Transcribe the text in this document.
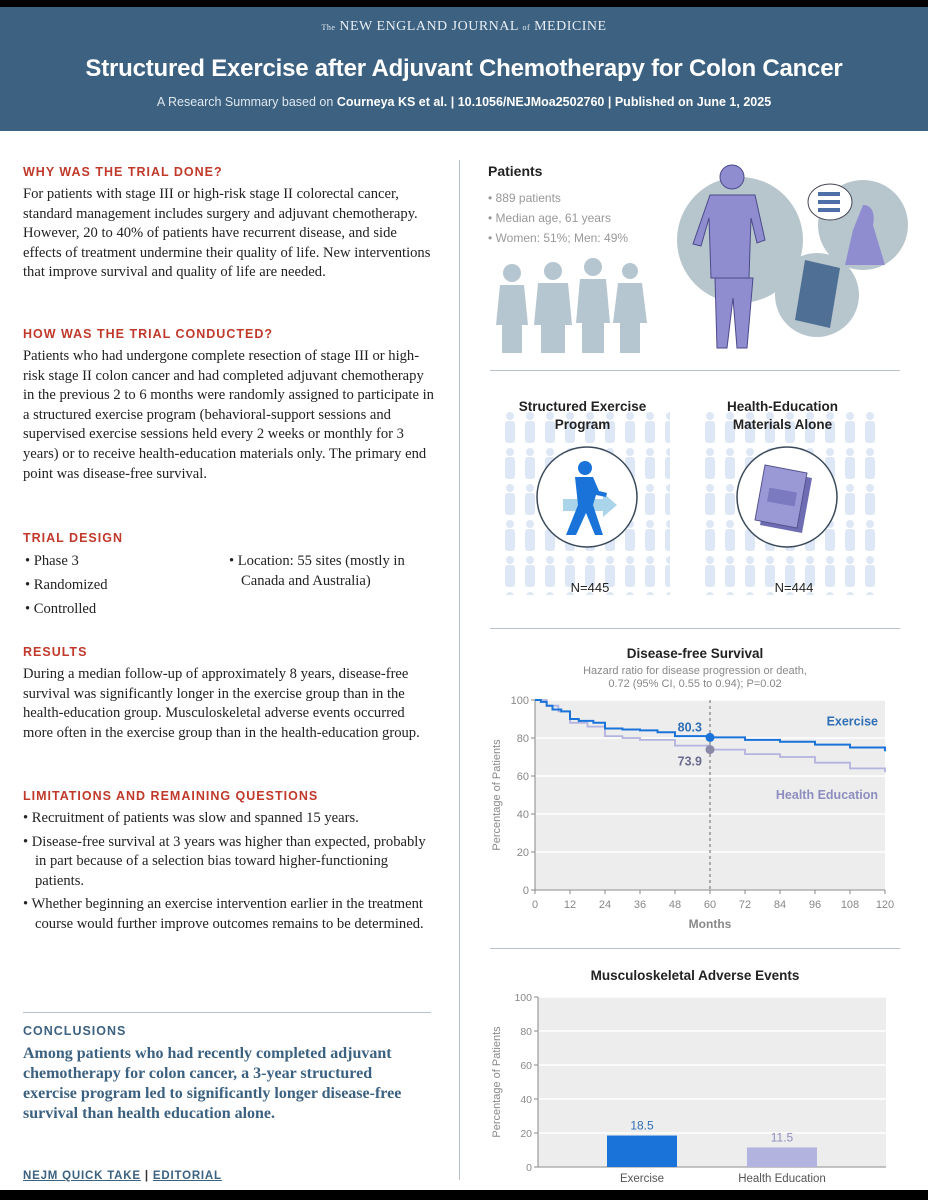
The NEW ENGLAND JOURNAL of MEDICINE
Structured Exercise after Adjuvant Chemotherapy for Colon Cancer
A Research Summary based on Courneya KS et al. | 10.1056/NEJMoa2502760 | Published on June 1, 2025
WHY WAS THE TRIAL DONE?

For patients with stage III or high-risk stage II colorectal cancer, standard management includes surgery and adjuvant chemotherapy. However, 20 to 40% of patients have recurrent disease, and side effects of treatment undermine their quality of life. New interventions that improve survival and quality of life are needed.

HOW WAS THE TRIAL CONDUCTED?

Patients who had undergone complete resection of stage III or high-risk stage II colon cancer and had completed adjuvant chemotherapy in the previous 2 to 6 months were randomly assigned to participate in a structured exercise program (behavioral-support sessions and supervised exercise sessions held every 2 weeks or monthly for 3 years) or to receive health-education materials only. The primary end point was disease-free survival.

TRIAL DESIGN
• Phase 3
• Randomized
• Controlled
• Location: 55 sites (mostly in Canada and Australia)
RESULTS

During a median follow-up of approximately 8 years, disease-free survival was significantly longer in the exercise group than in the health-education group. Musculoskeletal adverse events occurred more often in the exercise group than in the health-education group.

LIMITATIONS AND REMAINING QUESTIONS
• Recruitment of patients was slow and spanned 15 years.
• Disease-free survival at 3 years was higher than expected, probably in part because of a selection bias toward higher-functioning patients.
• Whether beginning an exercise intervention earlier in the treatment course would further improve outcomes remains to be determined.
CONCLUSIONS

Among patients who had recently completed adjuvant chemotherapy for colon cancer, a 3-year structured exercise program led to significantly longer disease-free survival than health education alone.

NEJM QUICK TAKE | EDITORIAL
Patients
• 889 patients
• Median age, 61 years
• Women: 51%; Men: 49%
Structured Exercise
Program
Health-Education
Materials Alone
N=445	N=444
Disease-free Survival
Hazard ratio for disease progression or death,
0.72 (95% CI, 0.55 to 0.94); P=0.02
0
20
40
60
80
100
0 12 24 36 48 60 72 84 96 108 120
Months
Percentage of Patients
Exercise
Health Education
80.3
73.9
Musculoskeletal Adverse Events
0
20
40
60
80
100
Percentage of Patients	18.5
Exercise
11.5
Health Education
